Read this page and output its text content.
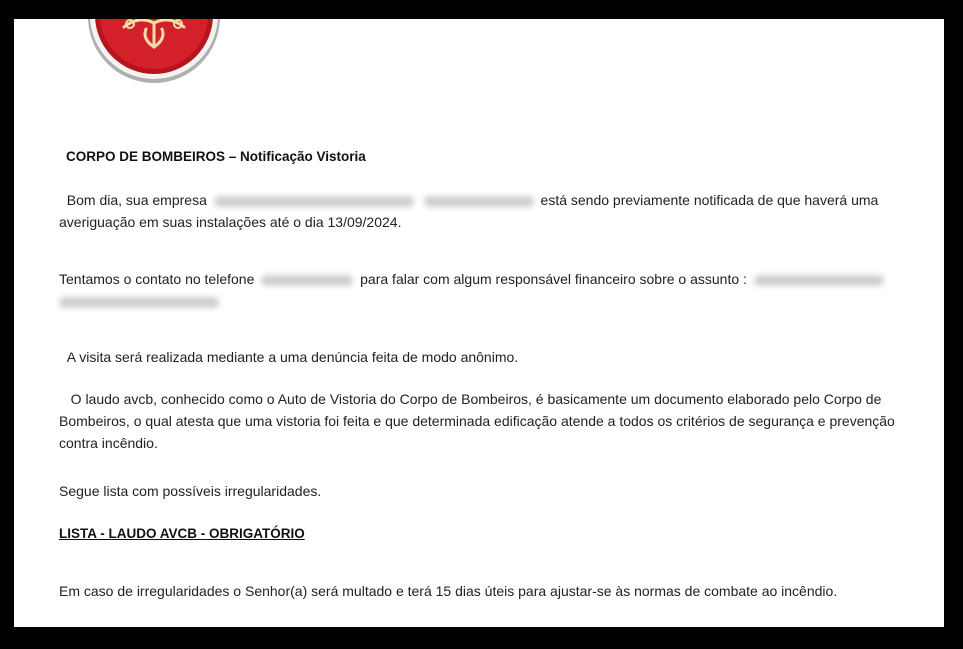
CORPO DE BOMBEIROS – Notificação Vistoria

Bom dia, sua empresa	está sendo previamente notificada de que haverá uma
averiguação em suas instalações até o dia 13/09/2024.

Tentamos o contato no telefone	para falar com algum responsável financeiro sobre o assunto :

A visita será realizada mediante a uma denúncia feita de modo anônimo.

O laudo avcb, conhecido como o Auto de Vistoria do Corpo de Bombeiros, é basicamente um documento elaborado pelo Corpo de Bombeiros, o qual atesta que uma vistoria foi feita e que determinada edificação atende a todos os critérios de segurança e prevenção contra incêndio.

Segue lista com possíveis irregularidades.

LISTA - LAUDO AVCB - OBRIGATÓRIO

Em caso de irregularidades o Senhor(a) será multado e terá 15 dias úteis para ajustar-se às normas de combate ao incêndio.
